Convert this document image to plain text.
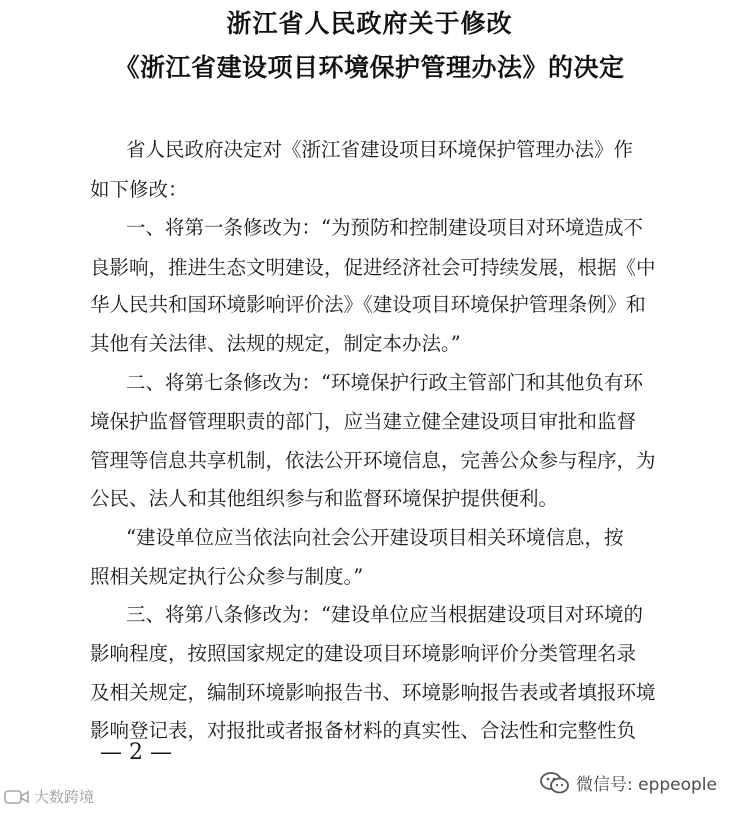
浙江省人民政府关于修改
《浙江省建设项目环境保护管理办法》的决定
省人民政府决定对《浙江省建设项目环境保护管理办法》作
如下修改：
一、将第一条修改为：“为预防和控制建设项目对环境造成不
良影响，推进生态文明建设，促进经济社会可持续发展，根据《中
华人民共和国环境影响评价法》《建设项目环境保护管理条例》和
其他有关法律、法规的规定，制定本办法。”
二、将第七条修改为：“环境保护行政主管部门和其他负有环
境保护监督管理职责的部门，应当建立健全建设项目审批和监督
管理等信息共享机制，依法公开环境信息，完善公众参与程序，为
公民、法人和其他组织参与和监督环境保护提供便利。
“建设单位应当依法向社会公开建设项目相关环境信息，按
照相关规定执行公众参与制度。”
三、将第八条修改为：“建设单位应当根据建设项目对环境的
影响程度，按照国家规定的建设项目环境影响评价分类管理名录
及相关规定，编制环境影响报告书、环境影响报告表或者填报环境
影响登记表，对报批或者报备材料的真实性、合法性和完整性负
— 2 —
微信号: eppeople
大数跨境
